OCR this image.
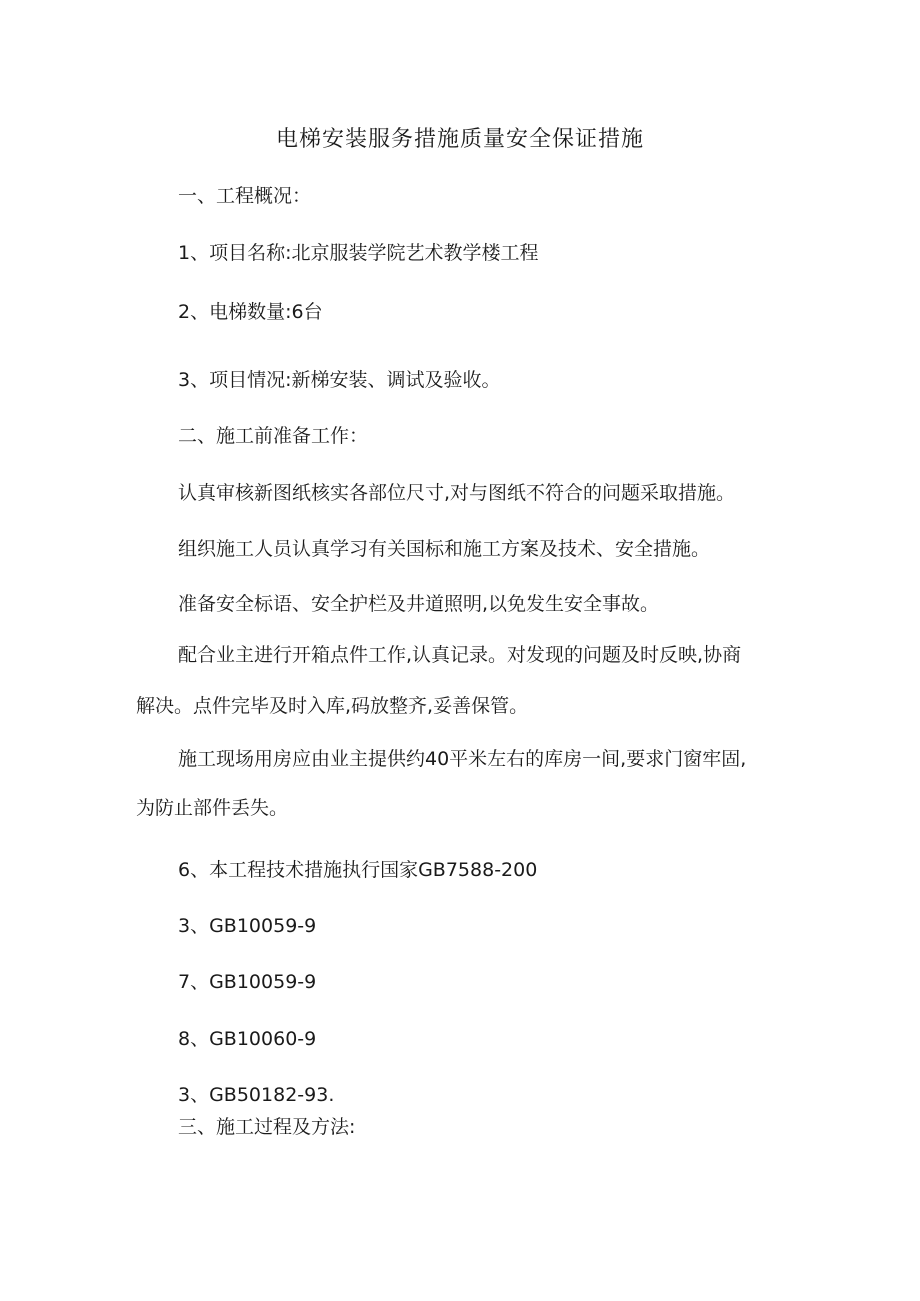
电梯安装服务措施质量安全保证措施
一、工程概况：
1、项目名称:北京服装学院艺术教学楼工程
2、电梯数量:6台
3、项目情况:新梯安装、调试及验收。
二、施工前准备工作：
认真审核新图纸核实各部位尺寸,对与图纸不符合的问题采取措施。
组织施工人员认真学习有关国标和施工方案及技术、安全措施。
准备安全标语、安全护栏及井道照明,以免发生安全事故。
配合业主进行开箱点件工作,认真记录。对发现的问题及时反映,协商
解决。点件完毕及时入库,码放整齐,妥善保管。
施工现场用房应由业主提供约40平米左右的库房一间,要求门窗牢固,
为防止部件丢失。
6、本工程技术措施执行国家GB7588-200
3、GB10059-9
7、GB10059-9
8、GB10060-9
3、GB50182-93.
三、施工过程及方法:
